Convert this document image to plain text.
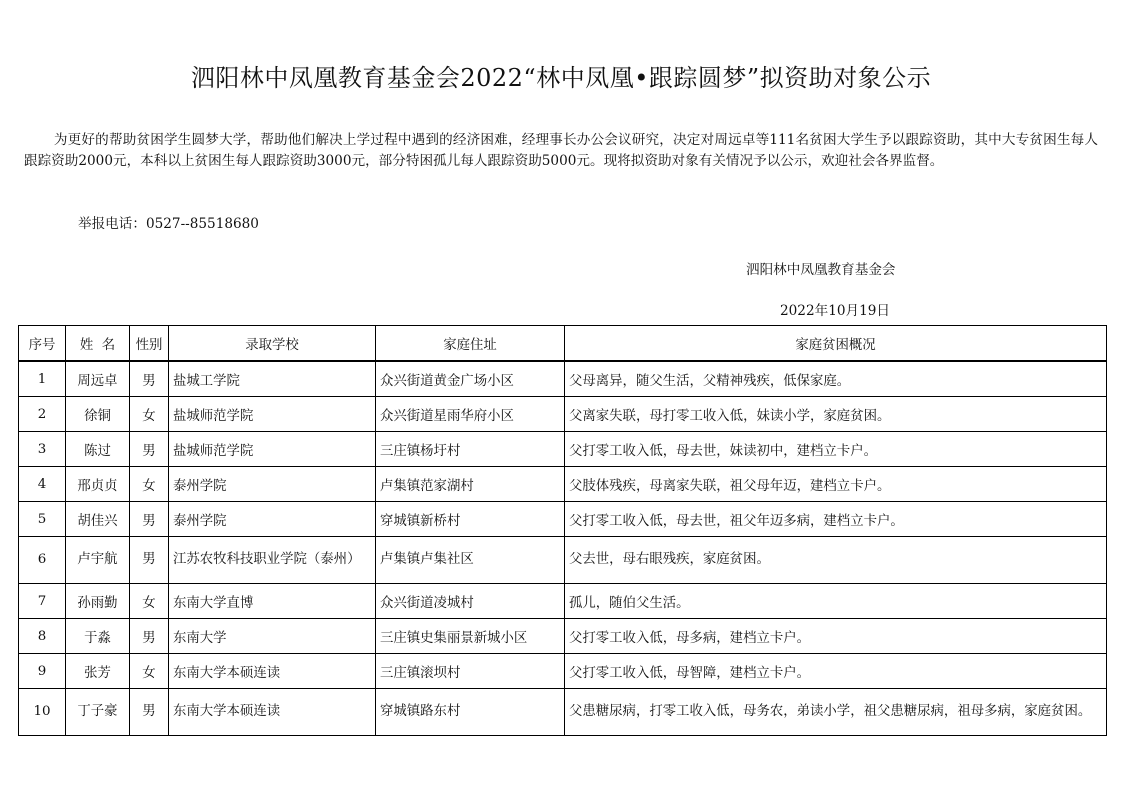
泗阳林中凤凰教育基金会2022“林中凤凰•跟踪圆梦”拟资助对象公示

为更好的帮助贫困学生圆梦大学，帮助他们解决上学过程中遇到的经济困难，经理事长办公会议研究，决定对周远卓等111名贫困大学生予以跟踪资助，其中大专贫困生每人跟踪资助2000元，本科以上贫困生每人跟踪资助3000元，部分特困孤儿每人跟踪资助5000元。现将拟资助对象有关情况予以公示，欢迎社会各界监督。

举报电话：0527--85518680
泗阳林中凤凰教育基金会
2022年10月19日
序号	姓  名	性别	录取学校	家庭住址	家庭贫困概况
1	周远卓	男	盐城工学院	众兴街道黄金广场小区	父母离异，随父生活，父精神残疾，低保家庭。
2	徐铜	女	盐城师范学院	众兴街道星雨华府小区	父离家失联，母打零工收入低，妹读小学，家庭贫困。
3	陈过	男	盐城师范学院	三庄镇杨圩村	父打零工收入低，母去世，妹读初中，建档立卡户。
4	邢贞贞	女	泰州学院	卢集镇范家湖村	父肢体残疾，母离家失联，祖父母年迈，建档立卡户。
5	胡佳兴	男	泰州学院	穿城镇新桥村	父打零工收入低，母去世，祖父年迈多病，建档立卡户。
6	卢宇航	男	江苏农牧科技职业学院（泰州）	卢集镇卢集社区	父去世，母右眼残疾，家庭贫困。
7	孙雨勤	女	东南大学直博	众兴街道凌城村	孤儿，随伯父生活。
8	于淼	男	东南大学	三庄镇史集丽景新城小区	父打零工收入低，母多病，建档立卡户。
9	张芳	女	东南大学本硕连读	三庄镇滚坝村	父打零工收入低，母智障，建档立卡户。
10	丁子豪	男	东南大学本硕连读	穿城镇路东村	父患糖尿病，打零工收入低，母务农，弟读小学，祖父患糖尿病，祖母多病，家庭贫困。
